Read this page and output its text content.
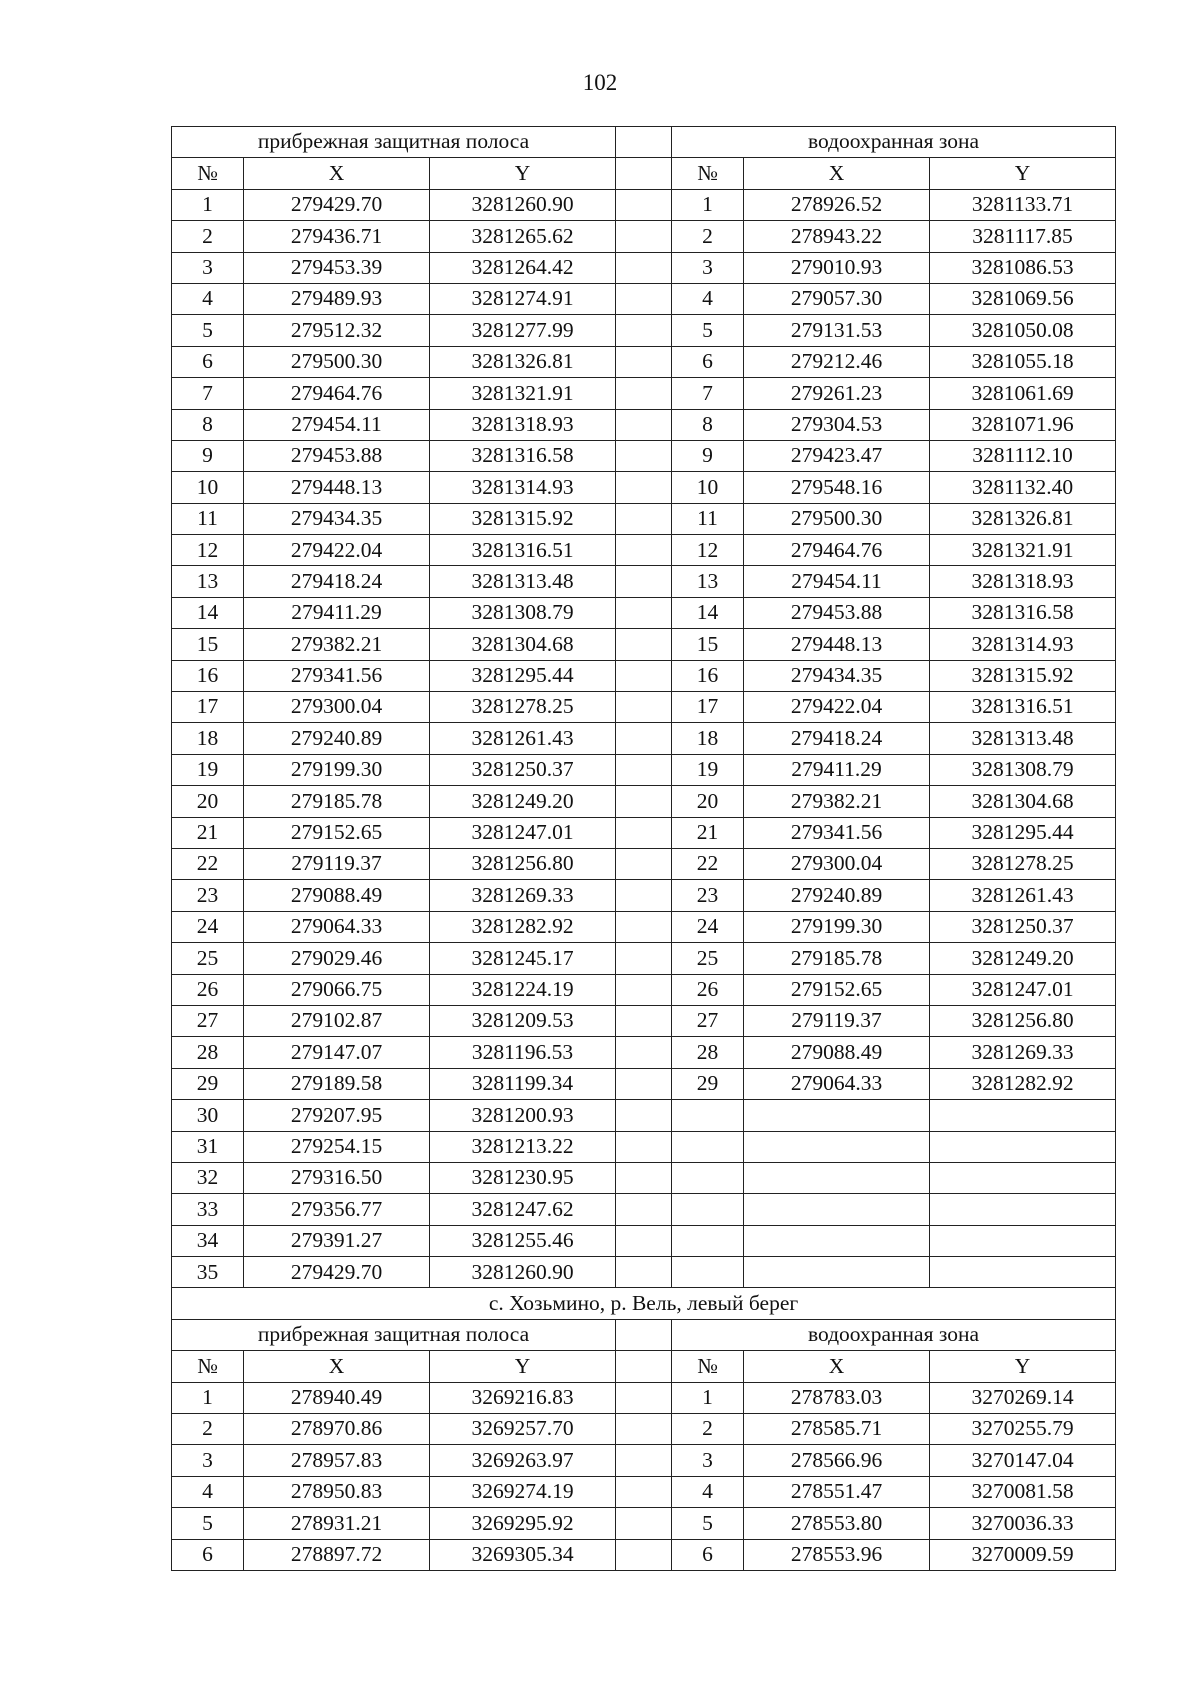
102
прибрежная защитная полоса				водоохранная зона		
№	X	Y		№	X	Y
1	279429.70	3281260.90		1	278926.52	3281133.71
2	279436.71	3281265.62		2	278943.22	3281117.85
3	279453.39	3281264.42		3	279010.93	3281086.53
4	279489.93	3281274.91		4	279057.30	3281069.56
5	279512.32	3281277.99		5	279131.53	3281050.08
6	279500.30	3281326.81		6	279212.46	3281055.18
7	279464.76	3281321.91		7	279261.23	3281061.69
8	279454.11	3281318.93		8	279304.53	3281071.96
9	279453.88	3281316.58		9	279423.47	3281112.10
10	279448.13	3281314.93		10	279548.16	3281132.40
11	279434.35	3281315.92		11	279500.30	3281326.81
12	279422.04	3281316.51		12	279464.76	3281321.91
13	279418.24	3281313.48		13	279454.11	3281318.93
14	279411.29	3281308.79		14	279453.88	3281316.58
15	279382.21	3281304.68		15	279448.13	3281314.93
16	279341.56	3281295.44		16	279434.35	3281315.92
17	279300.04	3281278.25		17	279422.04	3281316.51
18	279240.89	3281261.43		18	279418.24	3281313.48
19	279199.30	3281250.37		19	279411.29	3281308.79
20	279185.78	3281249.20		20	279382.21	3281304.68
21	279152.65	3281247.01		21	279341.56	3281295.44
22	279119.37	3281256.80		22	279300.04	3281278.25
23	279088.49	3281269.33		23	279240.89	3281261.43
24	279064.33	3281282.92		24	279199.30	3281250.37
25	279029.46	3281245.17		25	279185.78	3281249.20
26	279066.75	3281224.19		26	279152.65	3281247.01
27	279102.87	3281209.53		27	279119.37	3281256.80
28	279147.07	3281196.53		28	279088.49	3281269.33
29	279189.58	3281199.34		29	279064.33	3281282.92
30	279207.95	3281200.93				
31	279254.15	3281213.22				
32	279316.50	3281230.95				
33	279356.77	3281247.62				
34	279391.27	3281255.46				
35	279429.70	3281260.90				
с. Хозьмино, р. Вель, левый берег						
прибрежная защитная полоса				водоохранная зона		
№	X	Y		№	X	Y
1	278940.49	3269216.83		1	278783.03	3270269.14
2	278970.86	3269257.70		2	278585.71	3270255.79
3	278957.83	3269263.97		3	278566.96	3270147.04
4	278950.83	3269274.19		4	278551.47	3270081.58
5	278931.21	3269295.92		5	278553.80	3270036.33
6	278897.72	3269305.34		6	278553.96	3270009.59
